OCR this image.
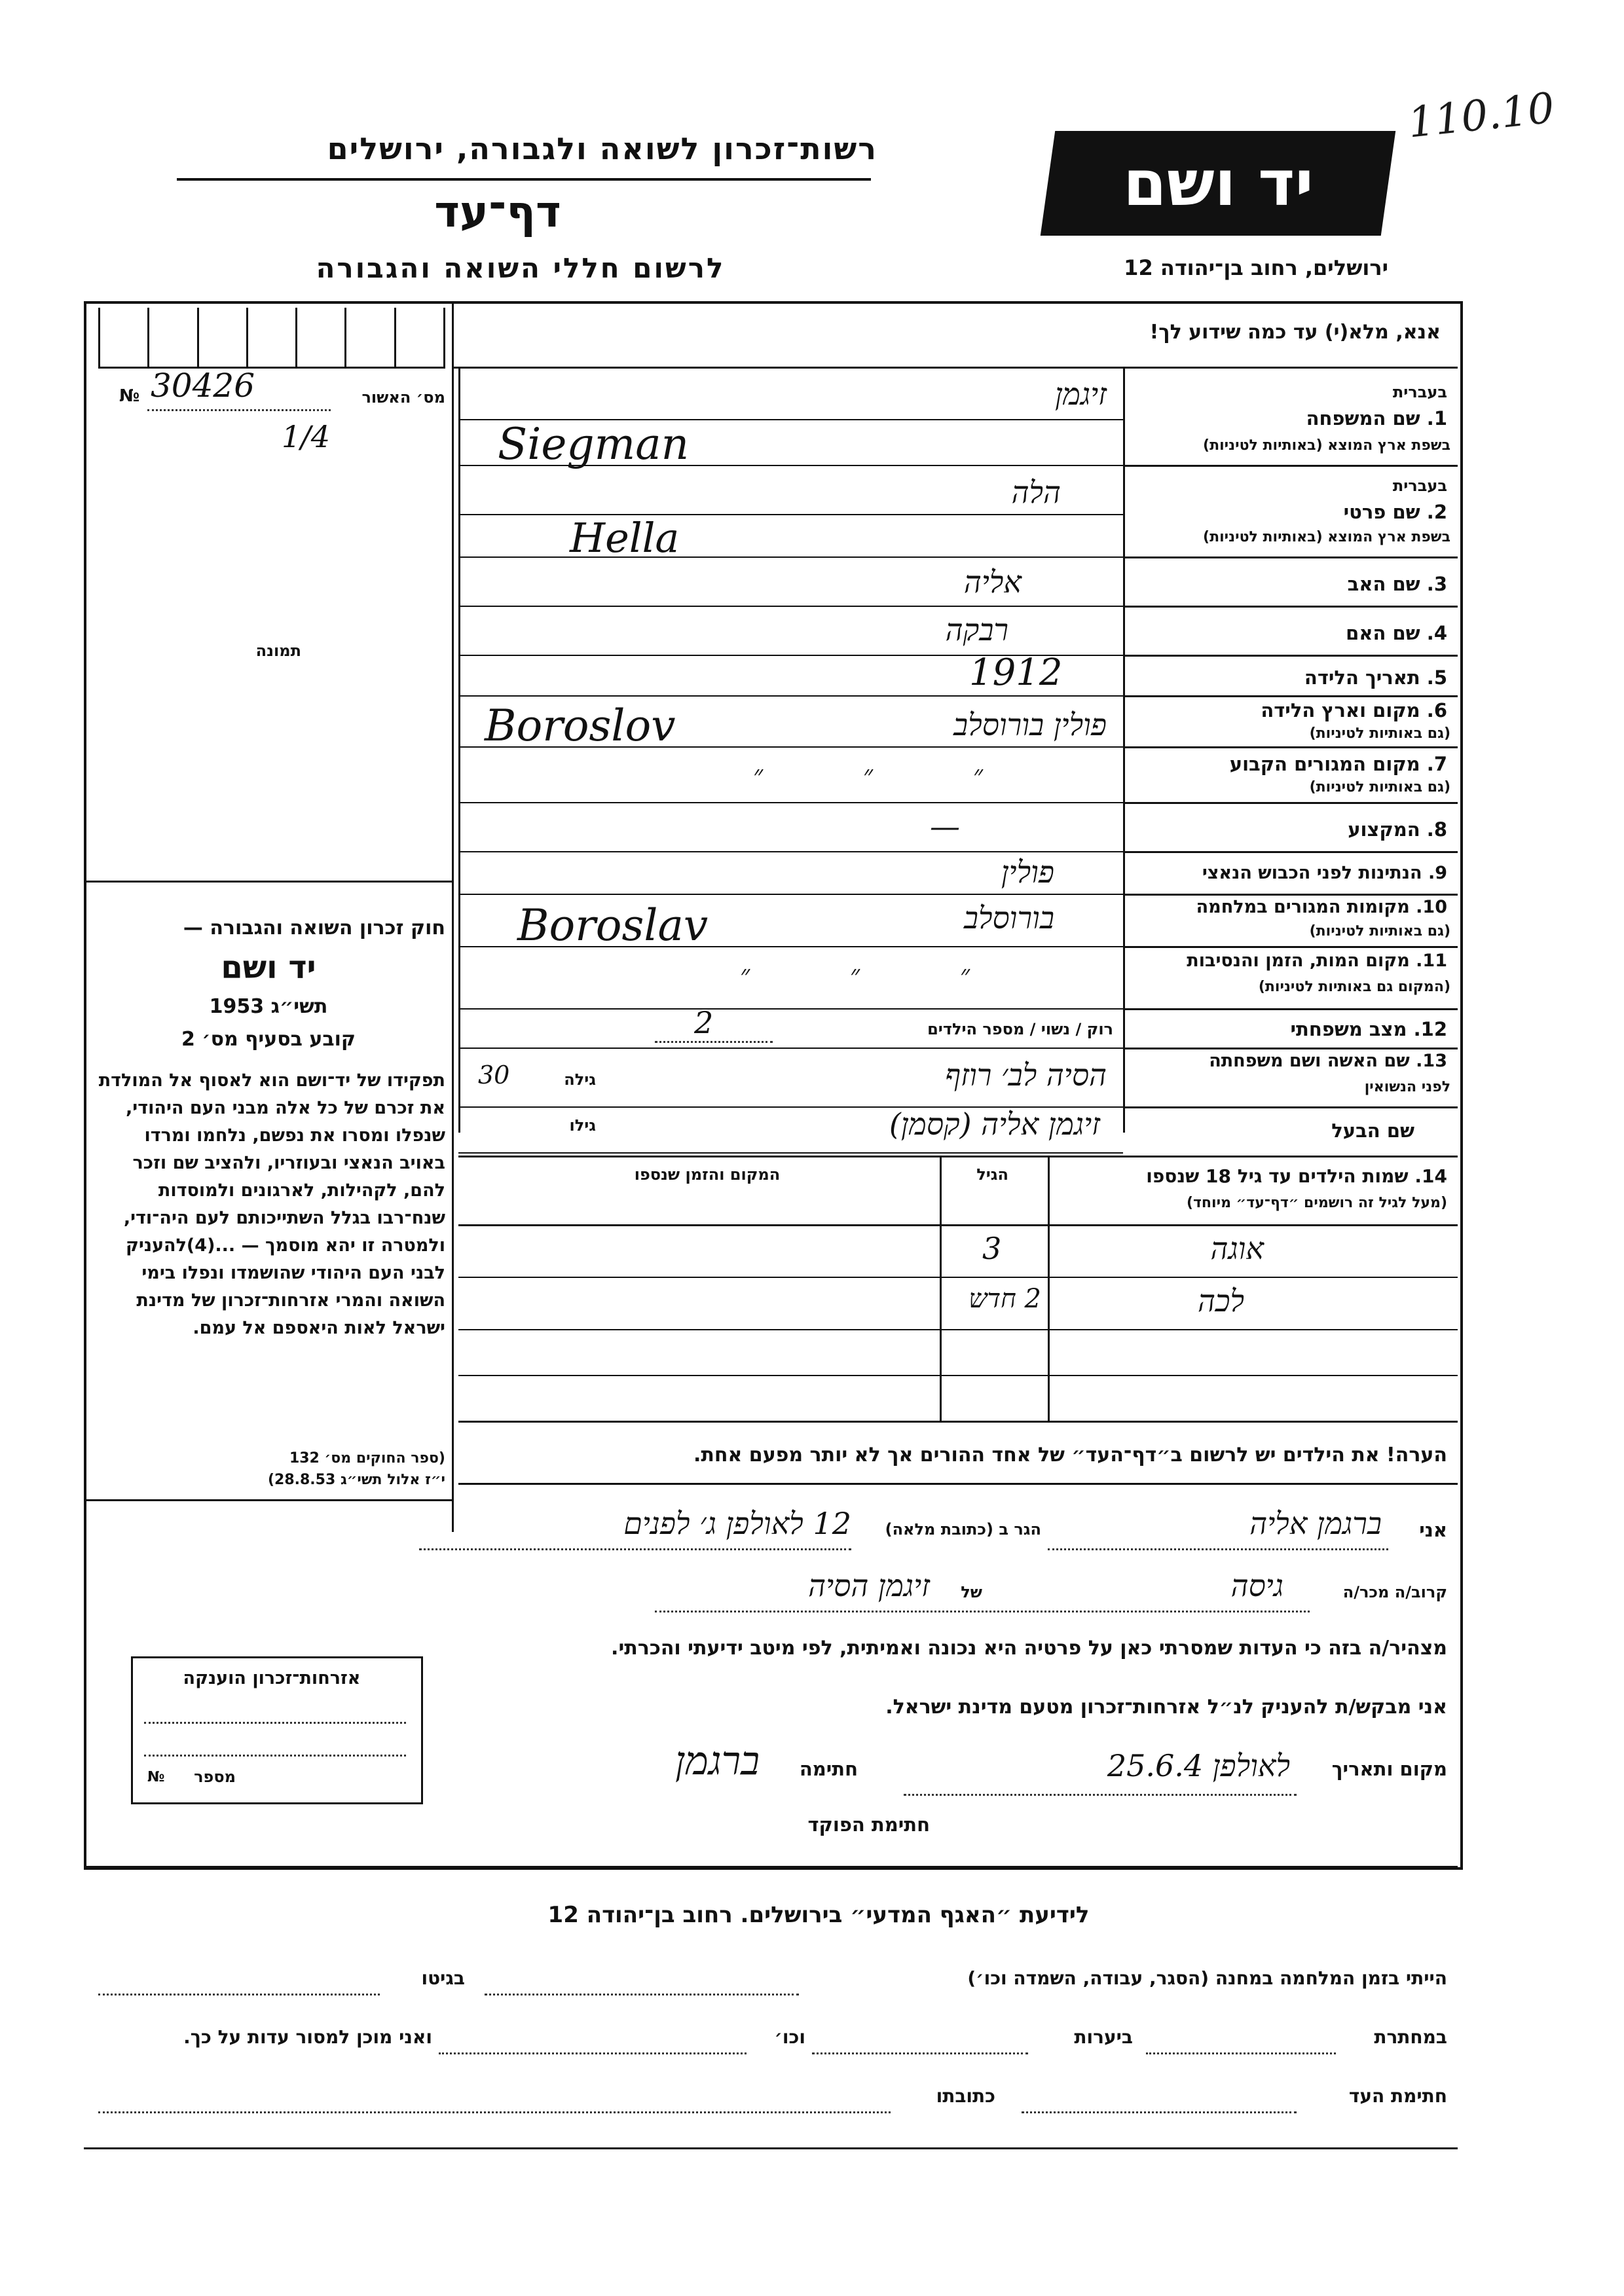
110.10
רשות־זכרון לשואה ולגבורה, ירושלים
דף־עד
לרשום חללי השואה והגבורה
יד ושם
ירושלים, רחוב בן־יהודה 12
אנא, מלא(י) עד כמה שידוע לך!
מס׳ האשור
№ 30426
1/4
תמונה
בעברית
1. שם המשפחה
בשפת ארץ המוצא (באותיות לטיניות)
זיגמן
Siegman
בעברית
2. שם פרטי
בשפת ארץ המוצא (באותיות לטיניות)
הלה
Hella
3. שם האב
אליה
4. שם האם
רבקה
5. תאריך הלידה
1912
6. מקום וארץ הלידה
(גם באותיות לטיניות)
פולין בורוסלב
Boroslov
7. מקום המגורים הקבוע
(גם באותיות לטיניות)
״ ״ ״
8. המקצוע
—
9. הנתינות לפני הכבוש הנאצי
פולין
10. מקומות המגורים במלחמה
(גם באותיות לטיניות)
בורוסלב
Boroslav
11. מקום המות, הזמן והנסיבות
(המקום גם באותיות לטיניות)
״ ״ ״
12. מצב משפחתי
רוק / נשוי / מספר הילדים
2
13. שם האשה ושם משפחתה
לפני הנשואין
גילה
30	הסיה לב׳ רוזף
שם הבעל
גילו	זיגמן אליה (קסמן)
14. שמות הילדים עד גיל 18 שנספו
(מעל לגיל זה רושמים ״דף־עד״ מיוחד)
הגיל
המקום והזמן שנספו
אוגה
3
לכה
2 חדש
הערה! את הילדים יש לרשום ב״דף־העד״ של אחד ההורים אך לא יותר מפעם אחת.
חוק זכרון השואה והגבורה —
יד ושם
תשי״ג 1953
קובע בסעיף מס׳ 2
תפקידו של יד־ושם הוא לאסוף אל המולדת את זכרם של כל אלה מבני העם היהודי, שנפלו ומסרו את נפשם, נלחמו ומרדו באויב הנאצי ובעוזריו, ולהציב שם וזכר להם, לקהילות, לארגונים ולמוסדות שנח־רבו בגלל השתייכותם לעם היה־ודי, ולמטרה זו יהא מוסמך — ...(4)להעניק לבני העם היהודי שהושמדו ונפלו בימי השואה והמרי אזרחות־זכרון של מדינת ישראל לאות היאספם אל עמם.
(ספר החוקים מס׳ 132
י״ז אלול תשי״ג 28.8.53)
אני
ברגמן אליה
הגר ב (כתובת מלאה)
12 לאולפן ג׳ לפנים
קרוב/ה מכר/ה
גיסה
של
זיגמן הסיה
מצהיר/ה בזה כי העדות שמסרתי כאן על פרטיה היא נכונה ואמיתית, לפי מיטב ידיעתי והכרתי.
אני מבקש/ת להעניק לנ״ל אזרחות־זכרון מטעם מדינת ישראל.
מקום ותאריך
לאולפן 25.6.4
חתימה
ברגמן
חתימת הפוקד
אזרחות־זכרון הוענקה
מספר
№
לידיעת ״האגף המדעי״ בירושלים. רחוב בן־יהודה 12
הייתי בזמן המלחמה במחנה (הסגר, עבודה, השמדה וכו׳)
בגיטו
במחתרת
ביערות
וכו׳
ואני מוכן למסור עדות על כך.
חתימת העד
כתובתו
